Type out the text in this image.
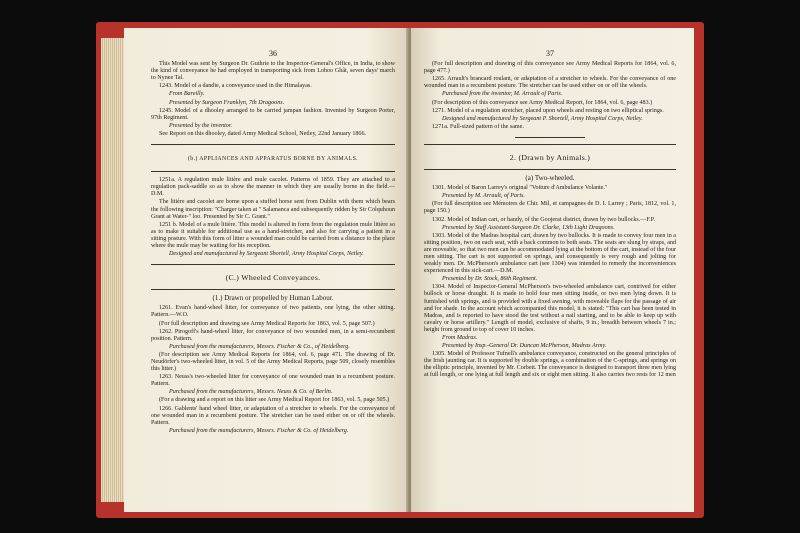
36

This Model was sent by Surgeon Dr. Guthrie to the Inspector-General's Office, in India, to show the kind of conveyance he had employed in transporting sick from Lohoo Ghât, seven days' march to Nynee Tal.

1243. Model of a dandie, a conveyance used in the Himalayas.

From Bareilly.

Presented by Surgeon Franklyn, 7th Dragoons.

1245. Model of a dhooley arranged to be carried jampan fashion. Invented by Surgeon Porter, 97th Regiment.

Presented by the inventor.

See Report on this dhooley, dated Army Medical School, Netley, 22nd January 1866.

(b.) APPLIANCES AND APPARATUS BORNE BY ANIMALS.

1251a. A regulation mule litière and mule cacolet. Patterns of 1859. They are attached to a regulation pack-saddle so as to show the manner in which they are usually borne in the field.—D.M.

The litière and cacolet are borne upon a stuffed horse sent from Dublin with them which bears the following inscription: "Charger taken at " Salamanca and subsequently ridden by Sir Colquhoun Grant at Water-" loo. Presented by Sir C. Grant."

1251 b. Model of a mule litière. This model is altered in form from the regulation mule litière so as to make it suitable for additional use as a hand-stretcher, and also for carrying a patient in a sitting posture. With this form of litter a wounded man could be carried from a distance to the place where the mule may be waiting for his reception.

Designed and manufactured by Sergeant Shortell, Army Hospital Corps, Netley.

(C.) Wheeled Conveyances.
(1.) Drawn or propelled by Human Labour.

1261. Evan's hand-wheel litter, for conveyance of two patients, one lying, the other sitting. Pattern.—W.O.

(For full description and drawing see Army Medical Reports for 1863, vol. 5, page 507.)

1262. Pirogoff's hand-wheel litter, for conveyance of two wounded men, in a semi-recumbent position. Pattern.

Purchased from the manufacturers, Messrs. Fischer & Co., of Heidelberg.

(For description see Army Medical Reports for 1864, vol. 6, page 471. The drawing of Dr. Neudörfer's two-wheeled litter, in vol. 5 of the Army Medical Reports, page 509, closely resembles this litter.)

1263. Neuss's two-wheeled litter for conveyance of one wounded man in a recumbent posture. Pattern.

Purchased from the manufacturers, Messrs. Neuss & Co. of Berlin.

(For a drawing and a report on this litter see Army Medical Report for 1863, vol. 5, page 505.)

1266. Gablents' hand wheel litter, or adaptation of a stretcher to wheels. For the conveyance of one wounded man in a recumbent posture. The stretcher can be used either on or off the wheels. Pattern.

Purchased from the manufacturers, Messrs. Fischer & Co. of Heidelberg.

37

(For full description and drawing of this conveyance see Army Medical Reports for 1864, vol. 6, page 477.)

1265. Arrault's brancard roulant, or adaptation of a stretcher to wheels. For the conveyance of one wounded man in a recumbent posture. The stretcher can be used either on or off the wheels.

Purchased from the inventor, M. Arrault of Paris.

(For description of this conveyance see Army Medical Report, for 1864, vol. 6, page 483.)

1271. Model of a regulation stretcher, placed upon wheels and resting on two elliptical springs.

Designed and manufactured by Sergeant P. Shortell, Army Hospital Corps, Netley.

1271a. Full-sized pattern of the same.

2. (Drawn by Animals.)
(a) Two-wheeled.

1301. Model of Baron Larrey's original "Voiture d'Ambulance Volante."

Presented by M. Arrault, of Paris.

(For full description see Mémoires de Chir. Mil, et campagnes de D. I. Larrey ; Paris, 1812, vol. 1, page 150.)

1302. Model of Indian cart, or handy, of the Goojerat district, drawn by two bullocks.—F.P.

Presented by Staff Assistant-Surgeon Dr. Clarke, 13th Light Dragoons.

1303. Model of the Madras hospital cart, drawn by two bullocks. It is made to convey four men in a sitting position, two on each seat, with a back common to both seats. The seats are slung by straps, and are moveable, so that two men can be accommodated lying at the bottom of the cart, instead of the four men sitting. The cart is not supported on springs, and consequently is very rough and jolting for weakly men. Dr. McPherson's ambulance cart (see 1304) was intended to remedy the inconveniences experienced in this sick-cart.—D.M.

Presented by Dr. Stock, 86th Regiment.

1304. Model of Inspector-General McPherson's two-wheeled ambulance cart, contrived for either bullock or horse draught. It is made to hold four men sitting inside, or two men lying down. It is furnished with springs, and is provided with a fixed awning, with moveable flaps for the passage of air and for shade. In the account which accompanied this model, it is stated: "This cart has been tested in Madras, and is reported to have stood the test without a nail starting, and to be able to keep up with cavalry or horse artillery." Length of model, exclusive of shafts, 9 in.; breadth between wheels 7 in.; height from ground to top of cover 10 inches.

From Madras.

Presented by Insp.-General Dr. Duncan McPherson, Madras Army.

1305. Model of Professor Tufnell's ambulance conveyance, constructed on the general principles of the Irish jaunting car. It is supported by double springs, a combination of the C-springs, and springs on the elliptic principle, invented by Mr. Corbett. The conveyance is designed to transport three men lying at full length, or one lying at full length and six or eight men sitting. It also carries two rests for 12 men
